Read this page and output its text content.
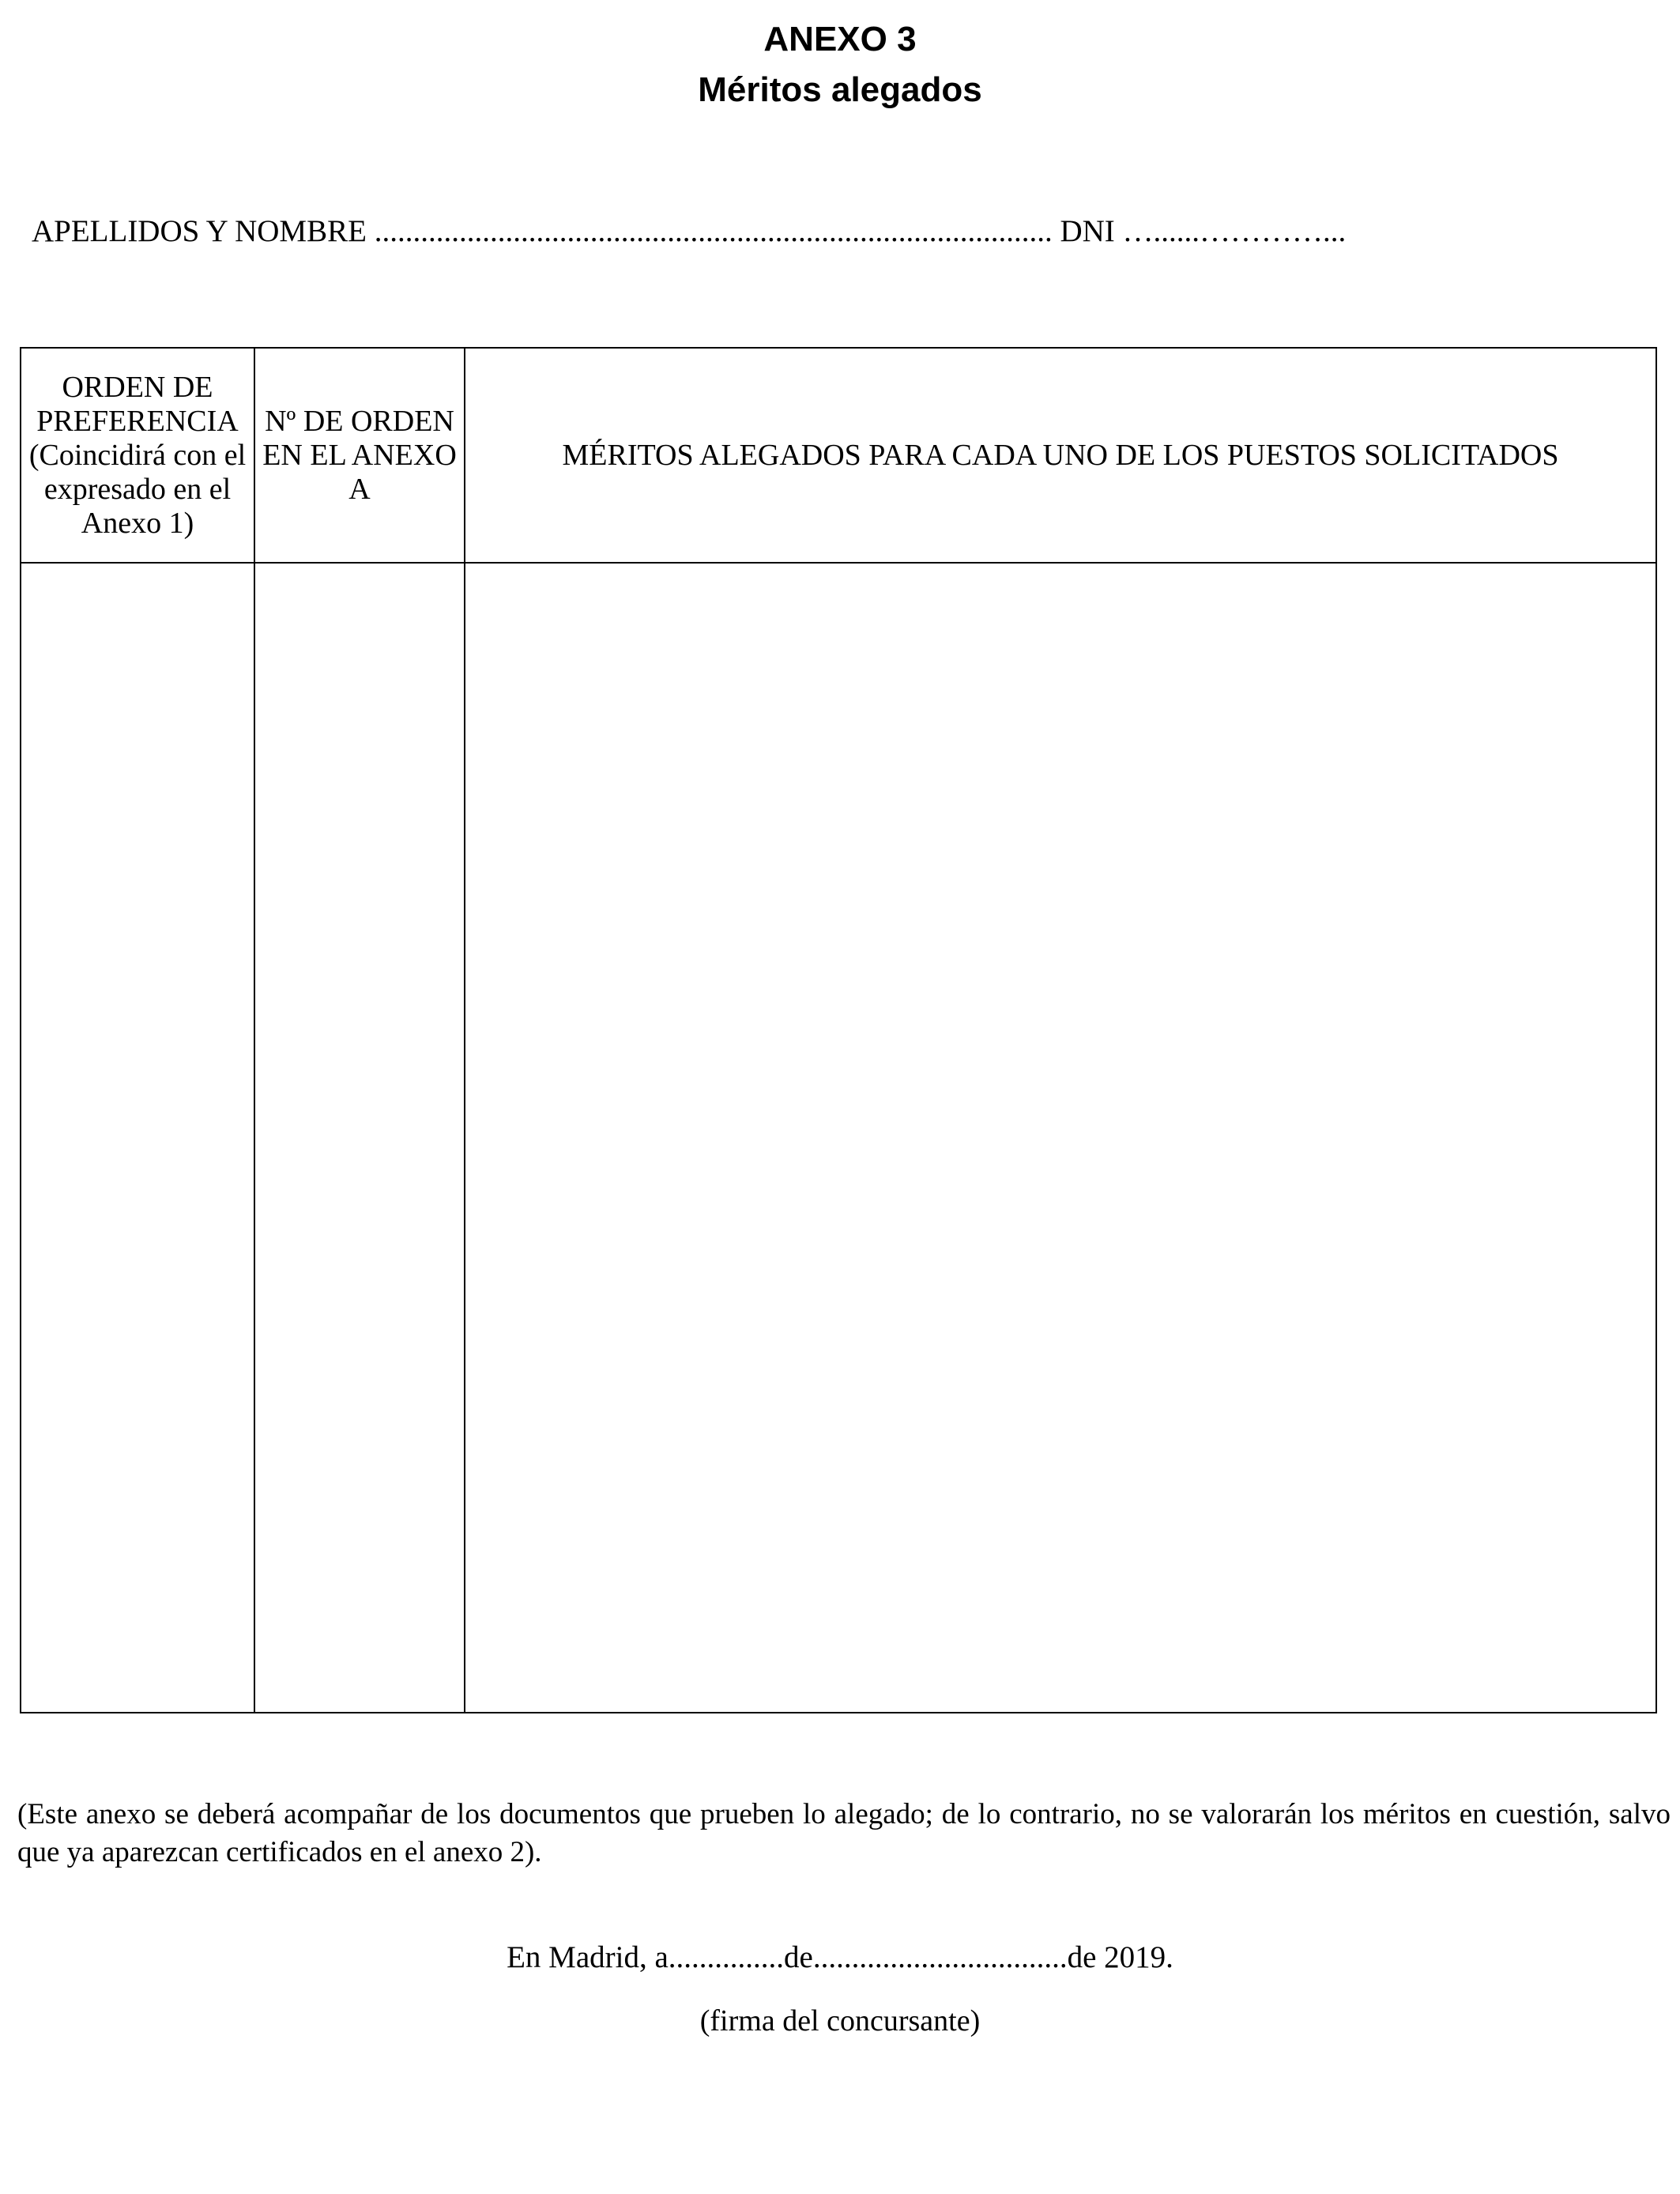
ANEXO 3
Méritos alegados
APELLIDOS Y NOMBRE ........................................................................................ DNI …......…………...
ORDEN DE PREFERENCIA (Coincidirá con el expresado en el Anexo 1)	Nº DE ORDEN EN EL ANEXO A	MÉRITOS ALEGADOS PARA CADA UNO DE LOS PUESTOS SOLICITADOS

(Este anexo se deberá acompañar de los documentos que prueben lo alegado; de lo contrario, no se valorarán los méritos en cuestión, salvo que ya aparezcan certificados en el anexo 2).
En Madrid, a...............de.................................de 2019.
(firma del concursante)
